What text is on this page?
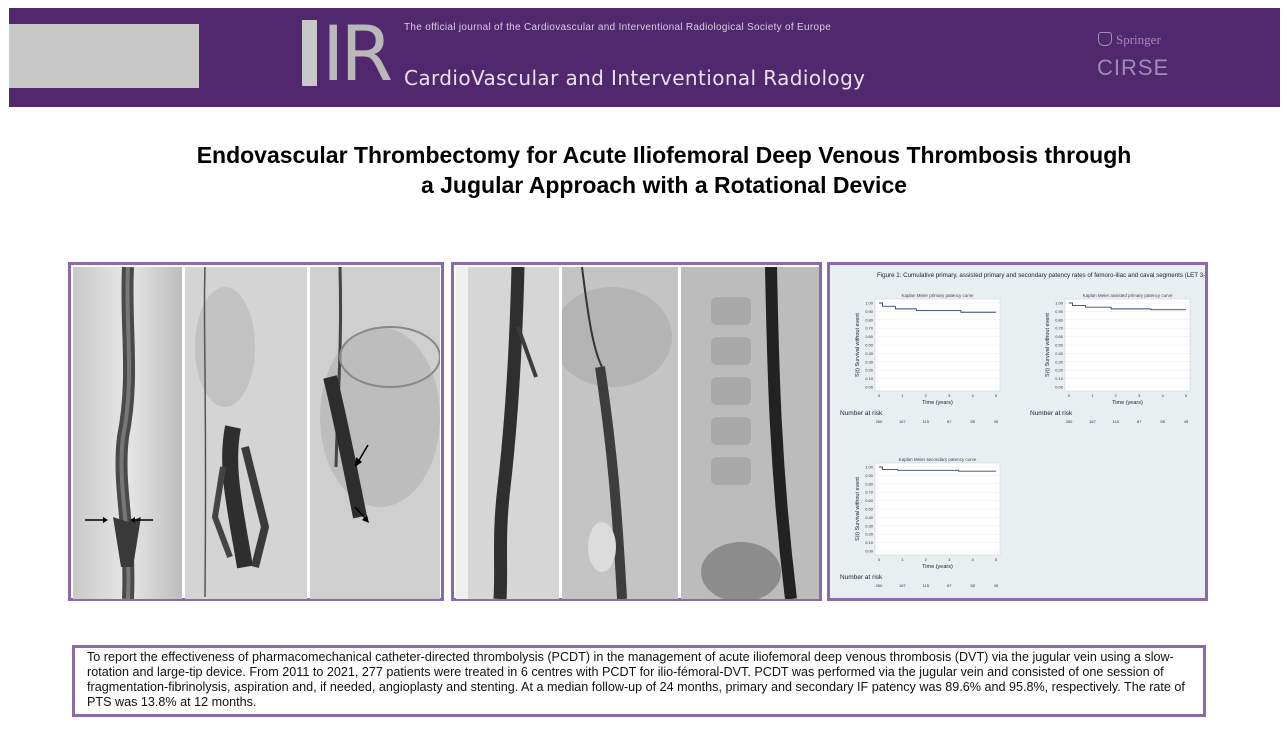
CV IR The official journal of the Cardiovascular and Interventional Radiological Society of Europe
CardioVascular and Interventional Radiology
Springer
CIRSE
Endovascular Thrombectomy for Acute Iliofemoral Deep Venous Thrombosis through
a Jugular Approach with a Rotational Device
Figure 1: Cumulative primary, assisted primary and secondary patency rates of femoro-iliac and caval segments (LET 3-4)
Kaplan Meier primary patency curve
1.00
0.90
0.80
0.70
0.60
0.50
0.40
0.30
0.20
0.10
0.00
0	1	2	3	4	5
Time (years)
S(t) Survival without event
Number at risk
260	167	115	87	58	45
Kaplan Meier assisted primary patency curve
1.00
0.90
0.80
0.70
0.60
0.50
0.40
0.30
0.20
0.10
0.00
0	1	2	3	4	5
Time (years)
S(t) Survival without event
Number at risk
260	167	115	87	58	45
Kaplan Meier secondary patency curve
1.00
0.90
0.80
0.70
0.60
0.50
0.40
0.30
0.20
0.10
0.00
0	1	2	3	4	5
Time (years)
S(t) Survival without event
Number at risk
260	167	115	87	58	45
To report the effectiveness of pharmacomechanical catheter-directed thrombolysis (PCDT) in the management of acute iliofemoral deep venous thrombosis (DVT) via the jugular vein using a slow-rotation and large-tip device. From 2011 to 2021, 277 patients were treated in 6 centres with PCDT for ilio-fémoral-DVT. PCDT was performed via the jugular vein and consisted of one session of fragmentation-fibrinolysis, aspiration and, if needed, angioplasty and stenting. At a median follow-up of 24 months, primary and secondary IF patency was 89.6% and 95.8%, respectively. The rate of PTS was 13.8% at 12 months.
